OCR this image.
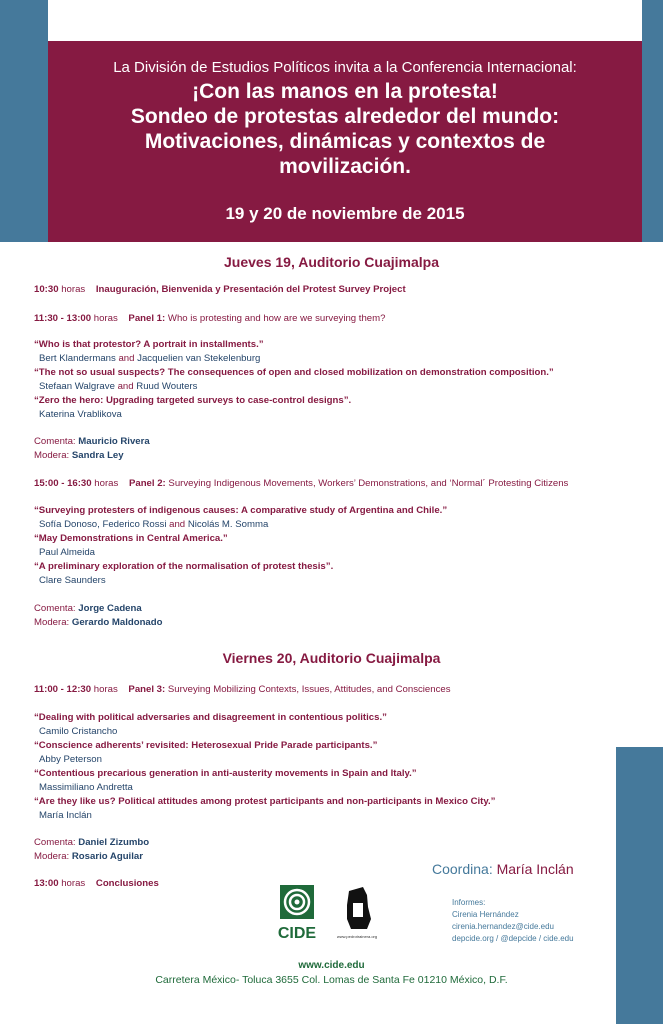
La División de Estudios Políticos invita a la Conferencia Internacional:
¡Con las manos en la protesta!
Sondeo de protestas alrededor del mundo:
Motivaciones, dinámicas y contextos de
movilización.
19 y 20 de noviembre de 2015
Jueves 19, Auditorio Cuajimalpa
10:30 horas Inauguración, Bienvenida y Presentación del Protest Survey Project
11:30 - 13:00 horas Panel 1: Who is protesting and how are we surveying them?
“Who is that protestor? A portrait in installments.”
Bert Klandermans and Jacquelien van Stekelenburg
“The not so usual suspects? The consequences of open and closed mobilization on demonstration composition.”
Stefaan Walgrave and Ruud Wouters
“Zero the hero: Upgrading targeted surveys to case-control designs”.
Katerina Vrablikova
Comenta: Mauricio Rivera
Modera: Sandra Ley
15:00 - 16:30 horas Panel 2: Surveying Indigenous Movements, Workers’ Demonstrations, and ‘Normal´ Protesting Citizens
“Surveying protesters of indigenous causes: A comparative study of Argentina and Chile.”
Sofía Donoso, Federico Rossi and Nicolás M. Somma
“May Demonstrations in Central America.”
Paul Almeida
“A preliminary exploration of the normalisation of protest thesis”.
Clare Saunders
Comenta: Jorge Cadena
Modera: Gerardo Maldonado
Viernes 20, Auditorio Cuajimalpa
11:00 - 12:30 horas Panel 3: Surveying Mobilizing Contexts, Issues, Attitudes, and Consciences
“Dealing with political adversaries and disagreement in contentious politics.”
Camilo Cristancho
“Conscience adherents’ revisited: Heterosexual Pride Parade participants.”
Abby Peterson
“Contentious precarious generation in anti-austerity movements in Spain and Italy.”
Massimiliano Andretta
“Are they like us? Political attitudes among protest participants and non-participants in Mexico City.”
María Inclán
Comenta: Daniel Zizumbo
Modera: Rosario Aguilar
13:00 horas Conclusiones
Coordina: María Inclán
Informes:
Cirenia Hernández
cirenia.hernandez@cide.edu
depcide.org / @depcide / cide.edu
CIDE	www.pedrotrainera.org
www.cide.edu
Carretera México- Toluca 3655 Col. Lomas de Santa Fe 01210 México, D.F.
